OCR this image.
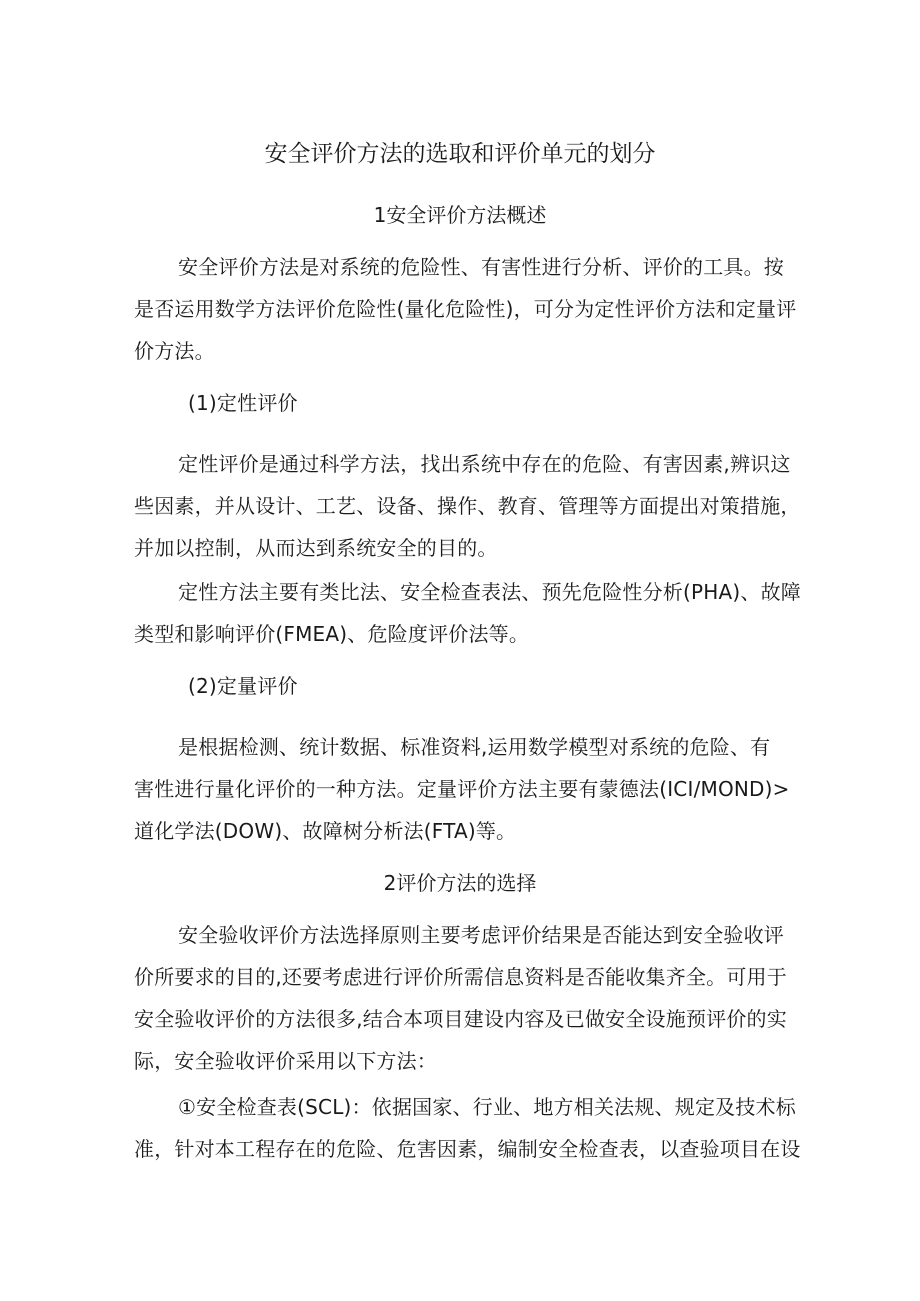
安全评价方法的选取和评价单元的划分
1安全评价方法概述
安全评价方法是对系统的危险性、有害性进行分析、评价的工具。按
是否运用数学方法评价危险性(量化危险性)，可分为定性评价方法和定量评
价方法。
(1)定性评价
定性评价是通过科学方法，找出系统中存在的危险、有害因素,辨识这
些因素，并从设计、工艺、设备、操作、教育、管理等方面提出对策措施，
并加以控制，从而达到系统安全的目的。
定性方法主要有类比法、安全检查表法、预先危险性分析(PHA)、故障
类型和影响评价(FMEA)、危险度评价法等。
(2)定量评价
是根据检测、统计数据、标准资料,运用数学模型对系统的危险、有
害性进行量化评价的一种方法。定量评价方法主要有蒙德法(ICI/MOND)>
道化学法(DOW)、故障树分析法(FTA)等。
2评价方法的选择
安全验收评价方法选择原则主要考虑评价结果是否能达到安全验收评
价所要求的目的,还要考虑进行评价所需信息资料是否能收集齐全。可用于
安全验收评价的方法很多,结合本项目建设内容及已做安全设施预评价的实
际，安全验收评价采用以下方法：
①安全检查表(SCL)：依据国家、行业、地方相关法规、规定及技术标
准，针对本工程存在的危险、危害因素，编制安全检查表，以查验项目在设
